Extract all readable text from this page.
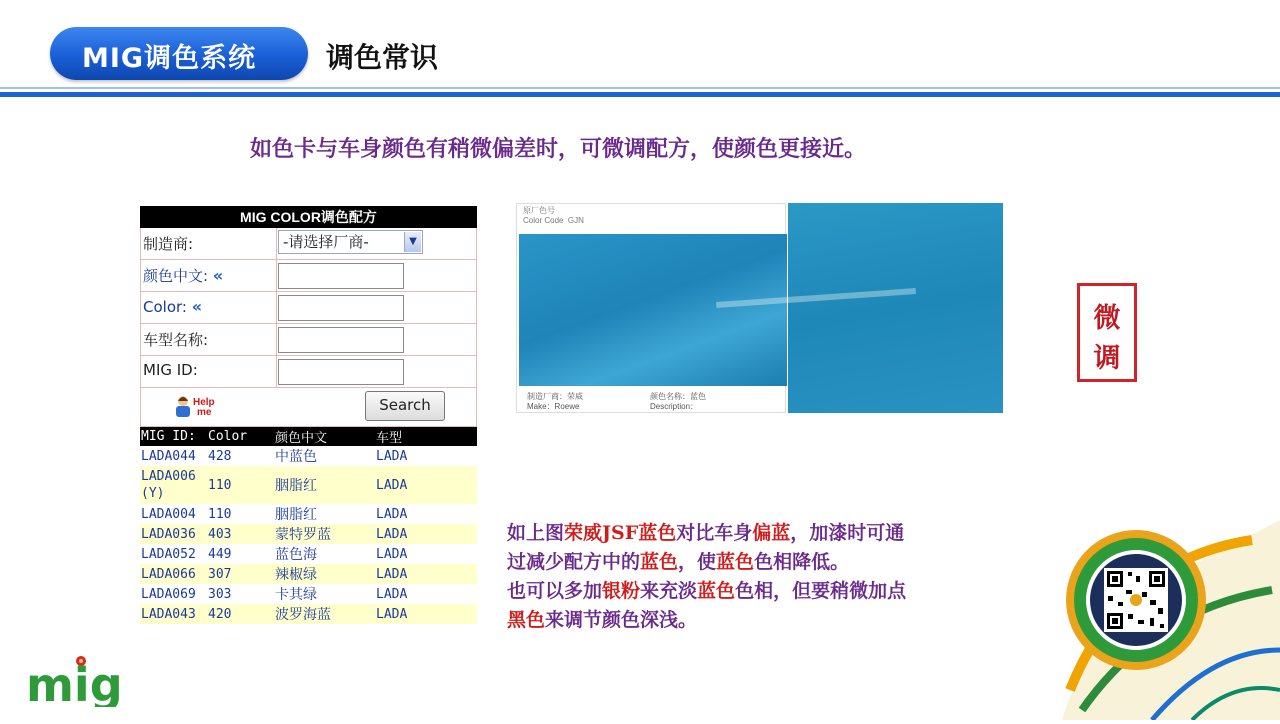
MIG调色系统 调色常识
如色卡与车身颜色有稍微偏差时，可微调配方，使颜色更接近。
MIG COLOR调色配方
制造商:	-请选择厂商-	▼
颜色中文: «
Color: «
车型名称:
MIG ID:
Help
me	Search
MIG ID:	Color	颜色中文	车型
LADA044	428	中蓝色	LADA
LADA006 (Y)	110	胭脂红	LADA
LADA004	110	胭脂红	LADA
LADA036	403	蒙特罗蓝	LADA
LADA052	449	蓝色海	LADA
LADA066	307	辣椒绿	LADA
LADA069	303	卡其绿	LADA
LADA043	420	波罗海蓝	LADA
原厂色号
Color Code GJN
制造厂商：荣威
Make：Roewe
颜色名称：蓝色
Description：
微
调
如上图荣威JSF蓝色对比车身偏蓝，加漆时可通
过减少配方中的蓝色，使蓝色色相降低。
也可以多加银粉来充淡蓝色色相，但要稍微加点
黑色来调节颜色深浅。
mig
